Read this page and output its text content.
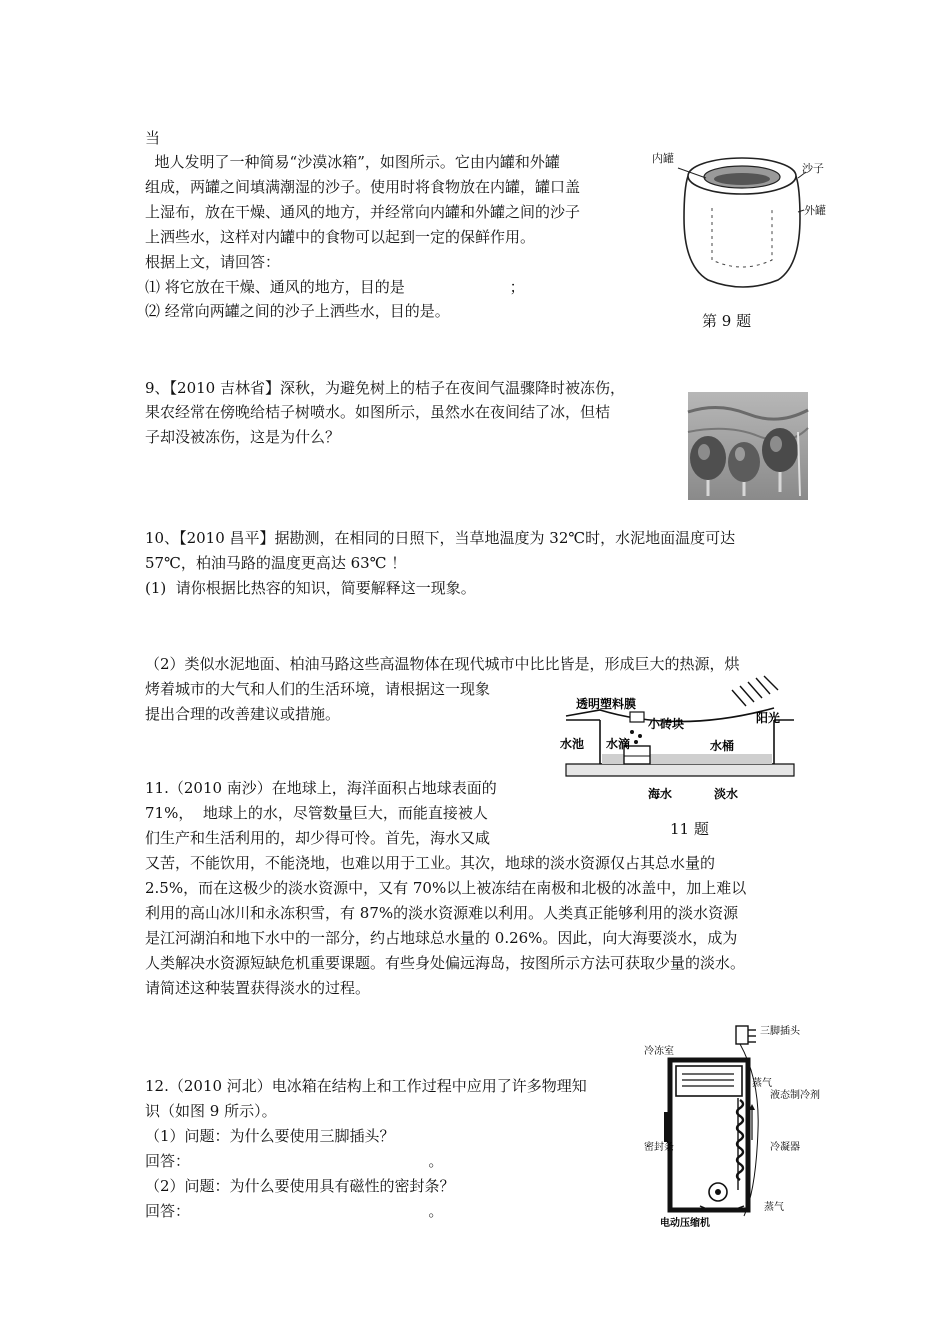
当
地人发明了一种简易“沙漠冰箱”，如图所示。它由内罐和外罐
组成，两罐之间填满潮湿的沙子。使用时将食物放在内罐，罐口盖
上湿布，放在干燥、通风的地方，并经常向内罐和外罐之间的沙子
上洒些水，这样对内罐中的食物可以起到一定的保鲜作用。
根据上文，请回答：
⑴ 将它放在干燥、通风的地方，目的是                      ；
⑵ 经常向两罐之间的沙子上洒些水，目的是。
内罐
沙子
外罐
第 9 题
9、【2010 吉林省】深秋，为避免树上的桔子在夜间气温骤降时被冻伤，
果农经常在傍晚给桔子树喷水。如图所示，虽然水在夜间结了冰，但桔
子却没被冻伤，这是为什么？
10、【2010 昌平】据勘测，在相同的日照下，当草地温度为 32℃时，水泥地面温度可达
57℃，柏油马路的温度更高达 63℃ ！
(1)  请你根据比热容的知识，简要解释这一现象。
（2）类似水泥地面、柏油马路这些高温物体在现代城市中比比皆是，形成巨大的热源，烘
烤着城市的大气和人们的生活环境，请根据这一现象
提出合理的改善建议或措施。
11.（2010 南沙）在地球上，海洋面积占地球表面的
71%，  地球上的水，尽管数量巨大，而能直接被人
们生产和生活利用的，却少得可怜。首先，海水又咸
又苦，不能饮用，不能浇地，也难以用于工业。其次，地球的淡水资源仅占其总水量的
2.5%，而在这极少的淡水资源中，又有 70%以上被冻结在南极和北极的冰盖中，加上难以
利用的高山冰川和永冻积雪，有 87%的淡水资源难以利用。人类真正能够利用的淡水资源
是江河湖泊和地下水中的一部分，约占地球总水量的 0.26%。因此，向大海要淡水，成为
人类解决水资源短缺危机重要课题。有些身处偏远海岛，按图所示方法可获取少量的淡水。
请简述这种装置获得淡水的过程。
透明塑料膜
小砖块	阳光
水池 水滴	水桶
海水	淡水
11 题
12.（2010 河北）电冰箱在结构上和工作过程中应用了许多物理知
识（如图 9 所示）。
（1）问题：为什么要使用三脚插头？
回答：                                                  。
（2）问题：为什么要使用具有磁性的密封条？
回答：                                                  。
冷冻室
三脚插头
蒸气
液态制冷剂
冷凝器
密封条
蒸气
电动压缩机
